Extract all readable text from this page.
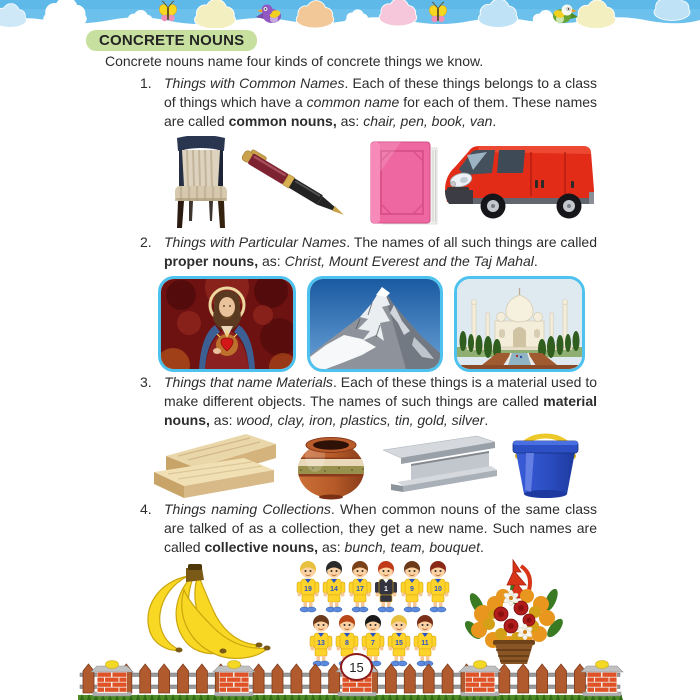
CONCRETE NOUNS

Concrete nouns name four kinds of concrete things we know.

1. Things with Common Names. Each of these things belongs to a class of things which have a common name for each of them. These names are called common nouns, as: chair, pen, book, van.
2. Things with Particular Names. The names of all such things are called proper nouns, as: Christ, Mount Everest and the Taj Mahal.
3. Things that name Materials. Each of these things is a material used to make different objects. The names of such things are called material nouns, as: wood, clay, iron, plastics, tin, gold, silver.
4. Things naming Collections. When common nouns of the same class are talked of as a collection, they get a new name. Such names are called collective nouns, as: bunch, team, bouquet.
19	14	17	1	9	10
13	8	7	15	11
15
